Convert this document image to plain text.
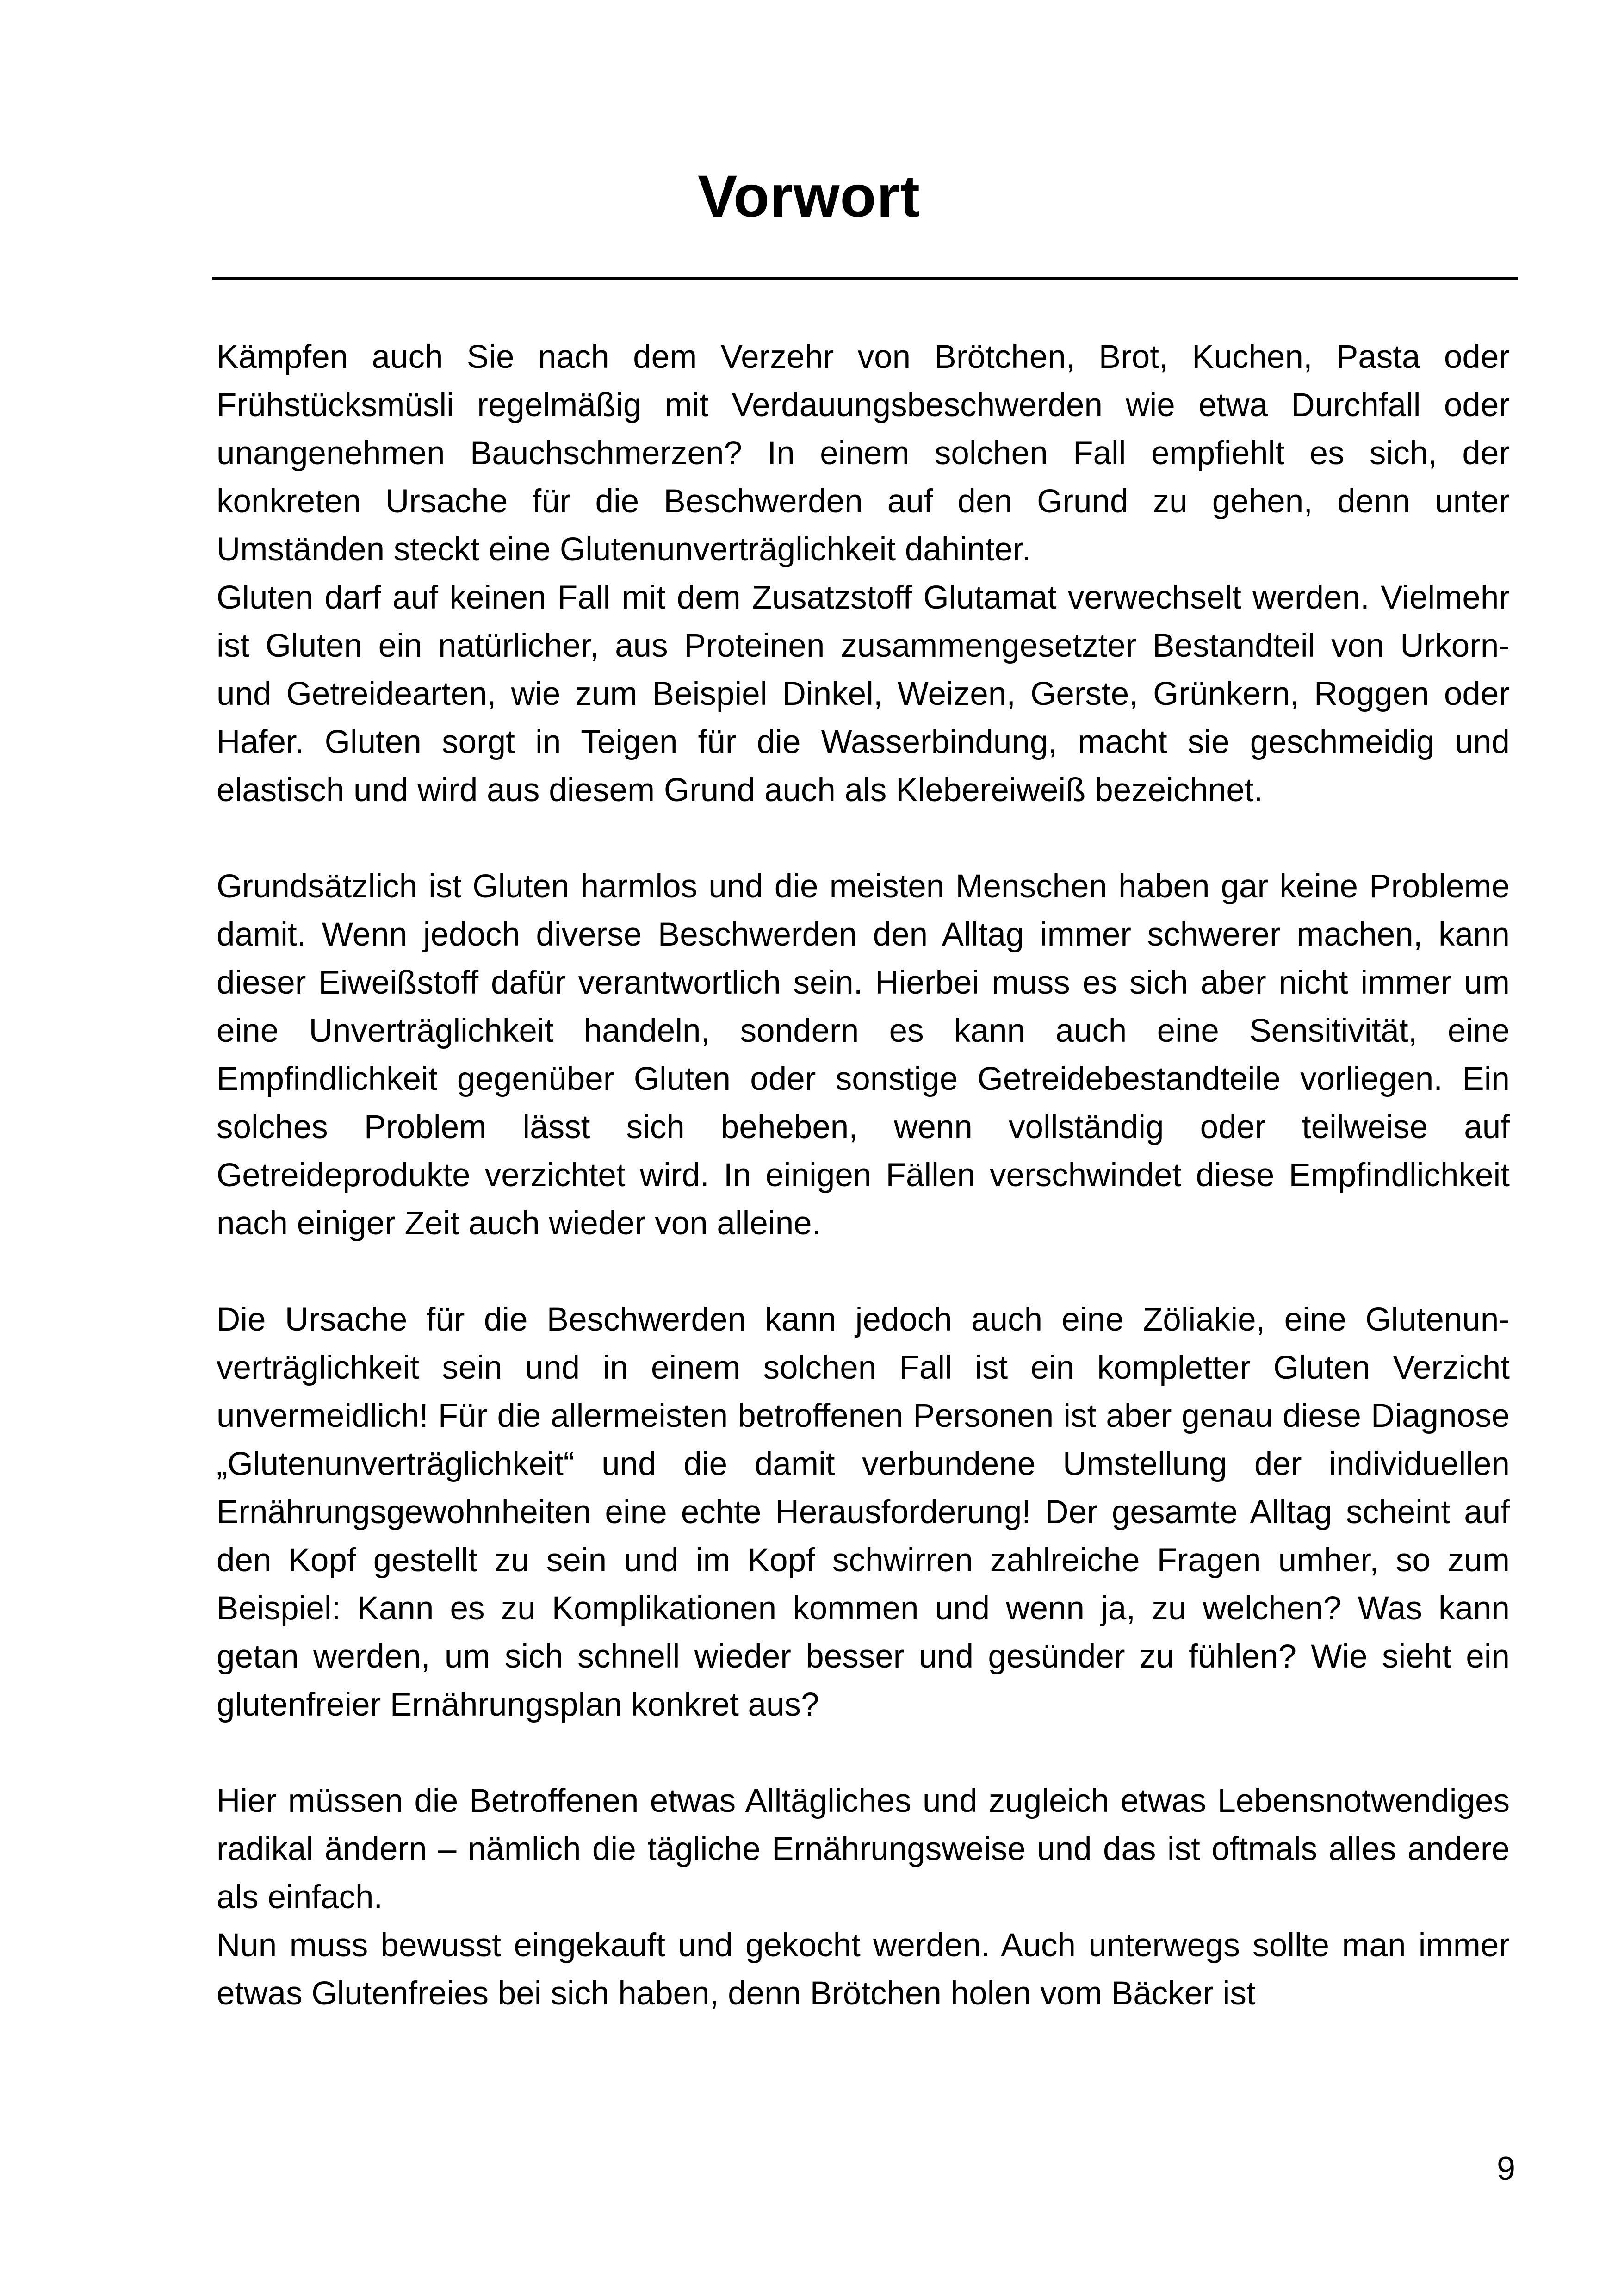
Vorwort

Kämpfen auch Sie nach dem Verzehr von Brötchen, Brot, Kuchen, Pasta oder Frühstücksmüsli regelmäßig mit Verdauungsbeschwerden wie etwa Durchfall oder unangenehmen Bauchschmerzen? In einem solchen Fall empfiehlt es sich, der konkreten Ursache für die Beschwerden auf den Grund zu gehen, denn unter Umständen steckt eine Glutenunverträglichkeit dahinter.

Gluten darf auf keinen Fall mit dem Zusatzstoff Glutamat verwechselt werden. Vielmehr ist Gluten ein natürlicher, aus Proteinen zusammengesetzter Bestandteil von Urkorn- und Getreidearten, wie zum Beispiel Dinkel, Weizen, Gerste, Grünkern, Roggen oder Hafer. Gluten sorgt in Teigen für die Wasserbindung, macht sie geschmeidig und elastisch und wird aus diesem Grund auch als Klebereiweiß bezeichnet.

Grundsätzlich ist Gluten harmlos und die meisten Menschen haben gar keine Probleme damit. Wenn jedoch diverse Beschwerden den Alltag immer schwerer machen, kann dieser Eiweißstoff dafür verantwortlich sein. Hierbei muss es sich aber nicht immer um eine Unverträglichkeit handeln, sondern es kann auch eine Sensitivität, eine Empfindlichkeit gegenüber Gluten oder sonstige Getreidebestandteile vorliegen. Ein solches Problem lässt sich beheben, wenn vollständig oder teilweise auf Getreideprodukte verzichtet wird. In einigen Fällen verschwindet diese Empfindlichkeit nach einiger Zeit auch wieder von alleine.

Die Ursache für die Beschwerden kann jedoch auch eine Zöliakie, eine Glutenunverträglichkeit sein und in einem solchen Fall ist ein kompletter Gluten Verzicht unvermeidlich! Für die allermeisten betroffenen Personen ist aber genau diese Diagnose „Glutenunverträglichkeit“ und die damit verbundene Umstellung der individuellen Ernährungsgewohnheiten eine echte Herausforderung! Der gesamte Alltag scheint auf den Kopf gestellt zu sein und im Kopf schwirren zahlreiche Fragen umher, so zum Beispiel: Kann es zu Komplikationen kommen und wenn ja, zu welchen? Was kann getan werden, um sich schnell wieder besser und gesünder zu fühlen? Wie sieht ein glutenfreier Ernährungsplan konkret aus?

Hier müssen die Betroffenen etwas Alltägliches und zugleich etwas Lebensnotwendiges radikal ändern – nämlich die tägliche Ernährungsweise und das ist oftmals alles andere als einfach.

Nun muss bewusst eingekauft und gekocht werden. Auch unterwegs sollte man immer etwas Glutenfreies bei sich haben, denn Brötchen holen vom Bäcker ist

9
